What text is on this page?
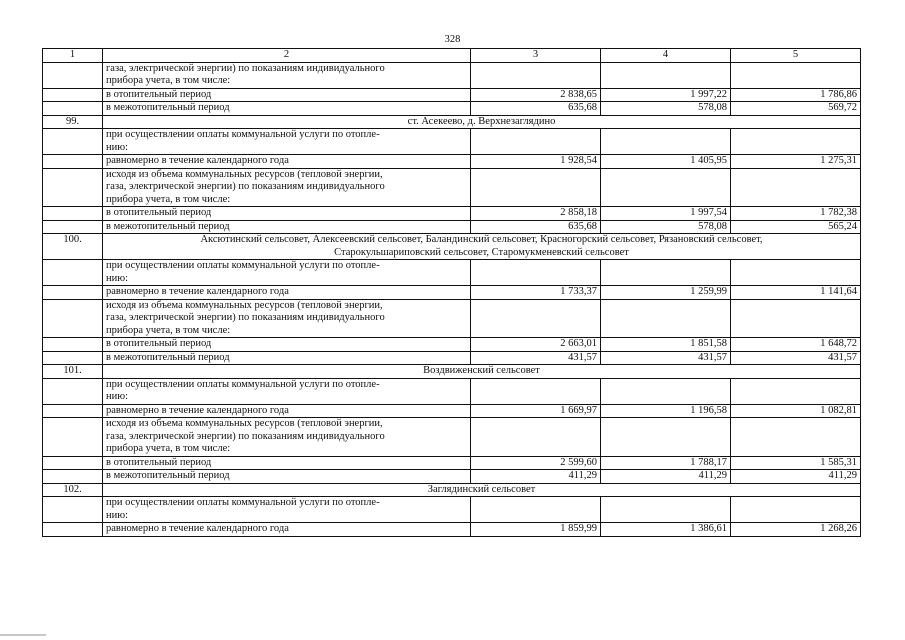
328
1	2	3	4	5
	газа, электрической энергии) по показаниям индивидуального
прибора учета, в том числе:			
	в отопительный период	2 838,65	1 997,22	1 786,86
	в межотопительный период	635,68	578,08	569,72
99.	ст. Асекеево, д. Верхнезаглядино			
	при осуществлении оплаты коммунальной услуги по отопле-
нию:			
	равномерно в течение календарного года	1 928,54	1 405,95	1 275,31
	исходя из объема коммунальных ресурсов (тепловой энергии,
газа, электрической энергии) по показаниям индивидуального
прибора учета, в том числе:			
	в отопительный период	2 858,18	1 997,54	1 782,38
	в межотопительный период	635,68	578,08	565,24
100.	Аксютинский сельсовет, Алексеевский сельсовет, Баландинский сельсовет, Красногорский сельсовет, Рязановский сельсовет,
Старокульшариповский сельсовет, Старомукменевский сельсовет			
	при осуществлении оплаты коммунальной услуги по отопле-
нию:			
	равномерно в течение календарного года	1 733,37	1 259,99	1 141,64
	исходя из объема коммунальных ресурсов (тепловой энергии,
газа, электрической энергии) по показаниям индивидуального
прибора учета, в том числе:			
	в отопительный период	2 663,01	1 851,58	1 648,72
	в межотопительный период	431,57	431,57	431,57
101.	Воздвиженский сельсовет			
	при осуществлении оплаты коммунальной услуги по отопле-
нию:			
	равномерно в течение календарного года	1 669,97	1 196,58	1 082,81
	исходя из объема коммунальных ресурсов (тепловой энергии,
газа, электрической энергии) по показаниям индивидуального
прибора учета, в том числе:			
	в отопительный период	2 599,60	1 788,17	1 585,31
	в межотопительный период	411,29	411,29	411,29
102.	Заглядинский сельсовет			
	при осуществлении оплаты коммунальной услуги по отопле-
нию:			
	равномерно в течение календарного года	1 859,99	1 386,61	1 268,26
